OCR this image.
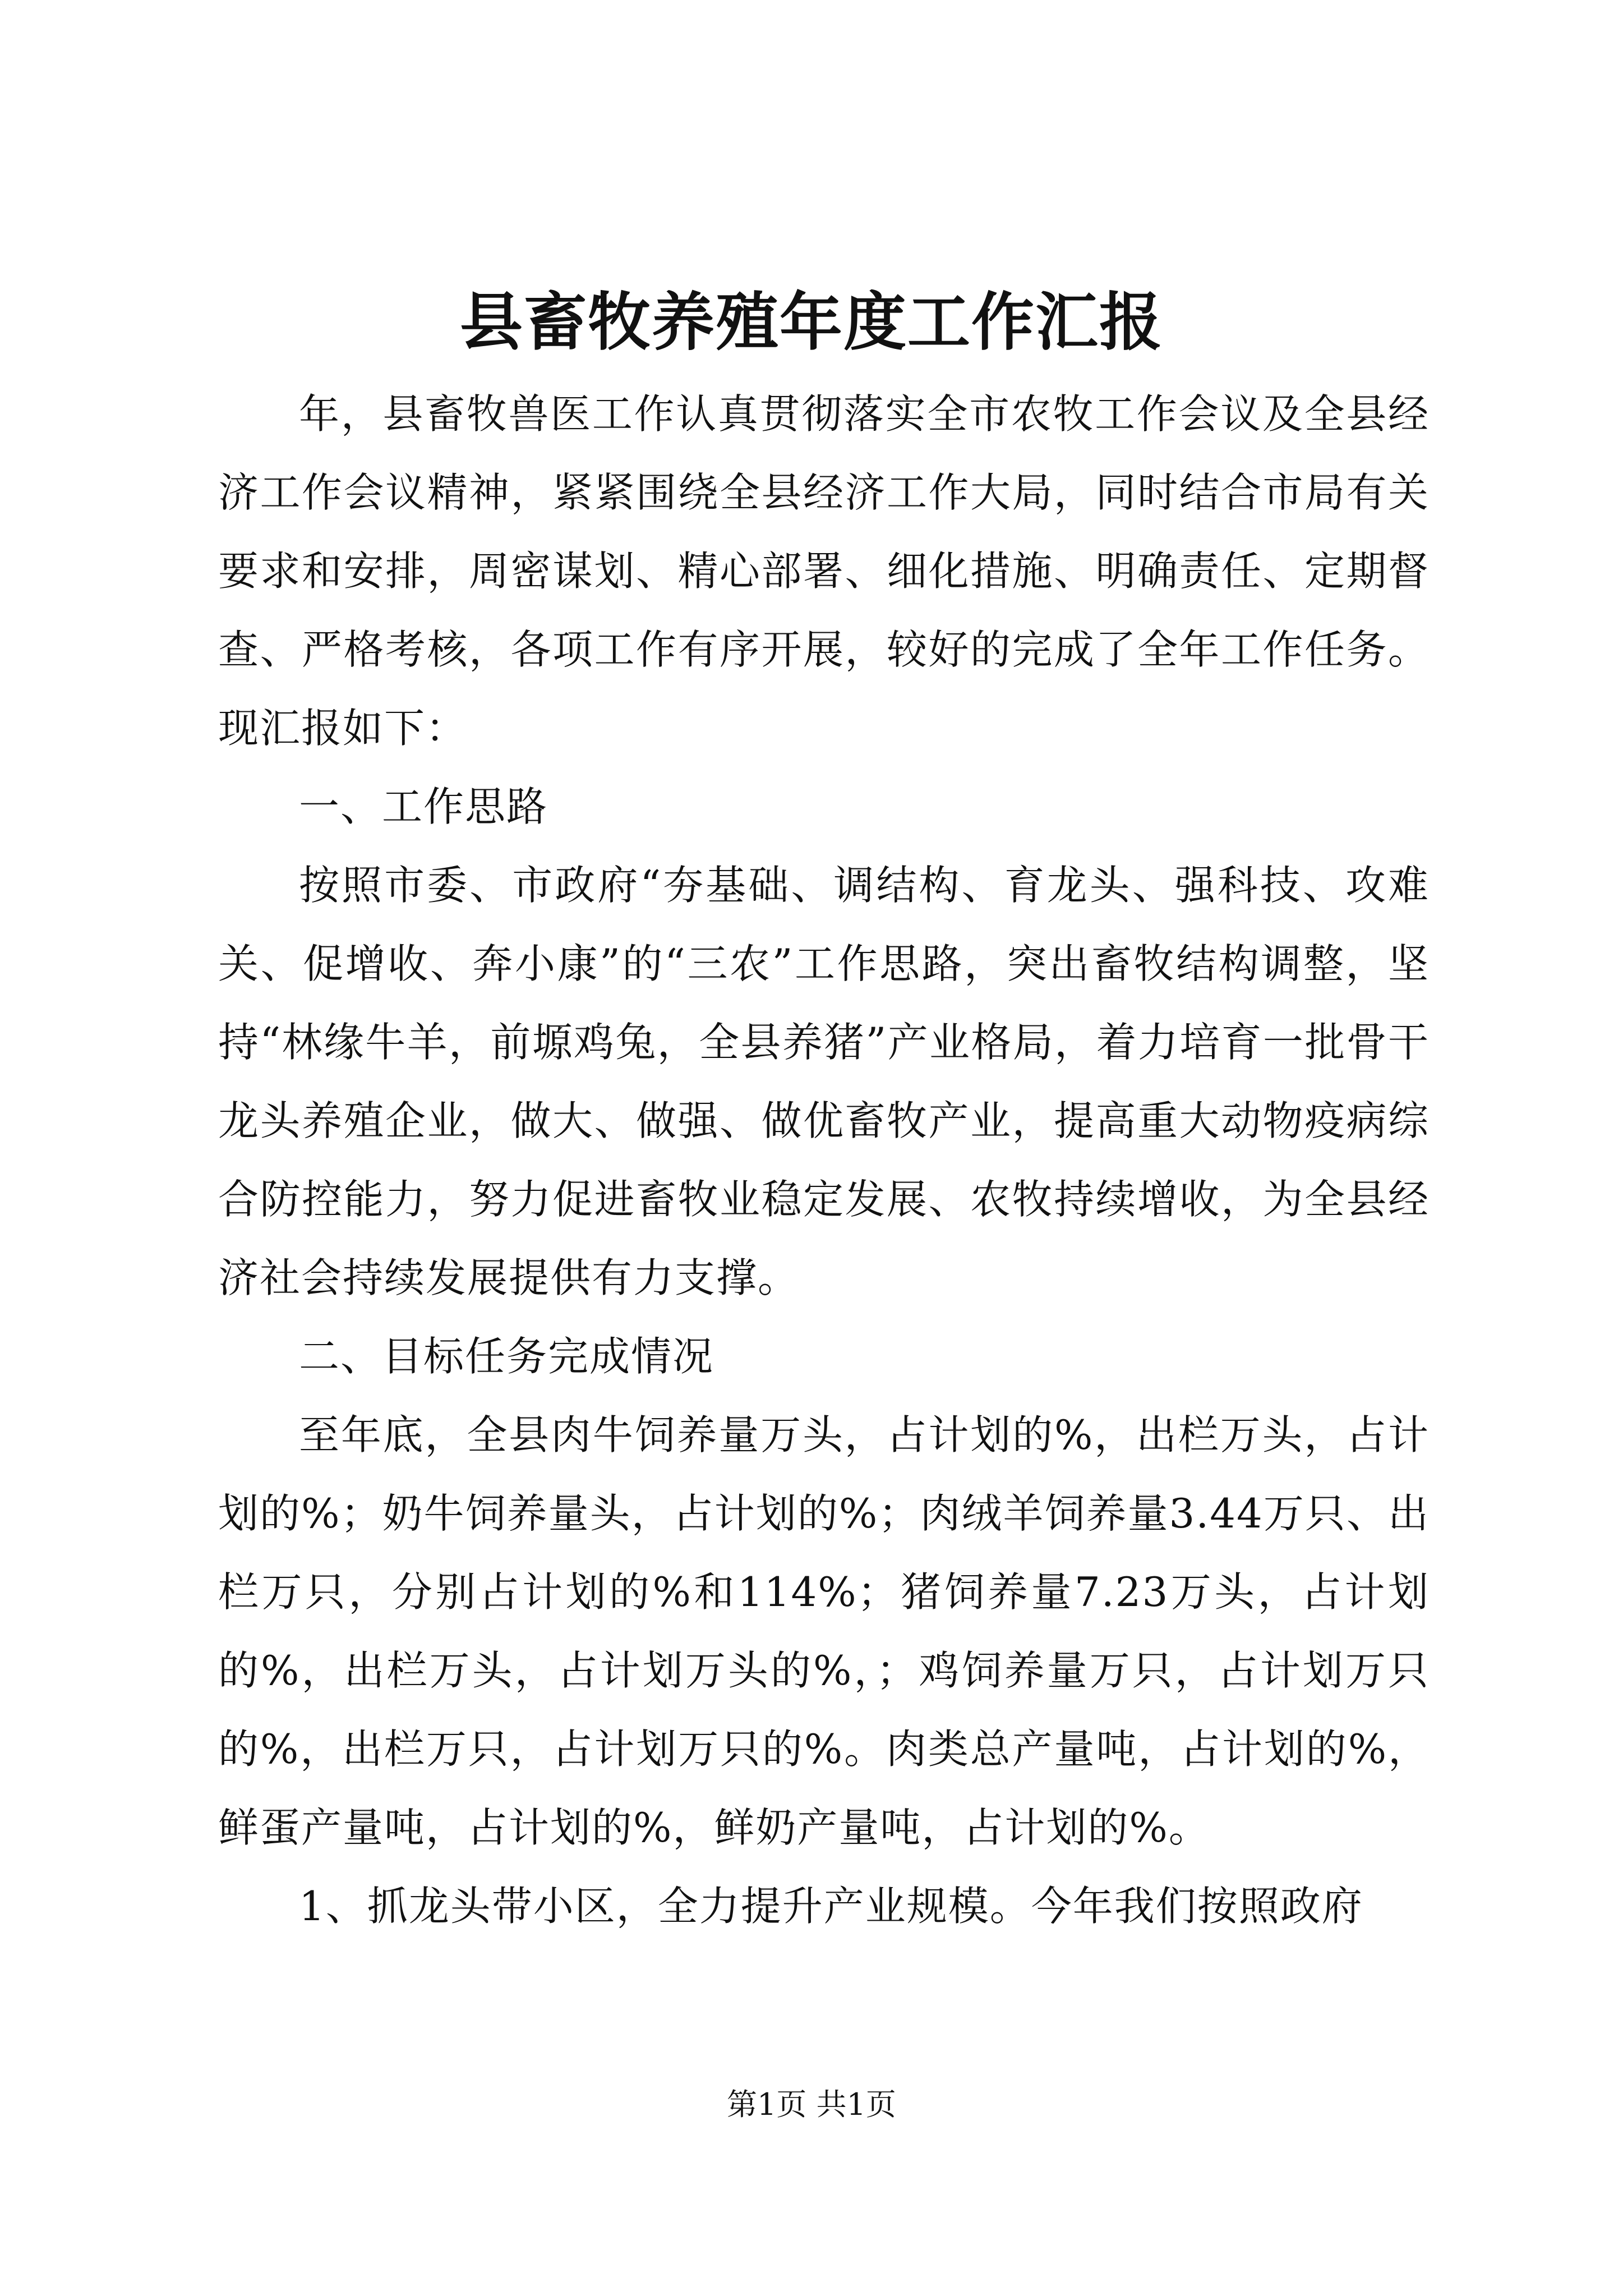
县畜牧养殖年度工作汇报

年，县畜牧兽医工作认真贯彻落实全市农牧工作会议及全县经济工作会议精神，紧紧围绕全县经济工作大局，同时结合市局有关要求和安排，周密谋划、精心部署、细化措施、明确责任、定期督查、严格考核，各项工作有序开展，较好的完成了全年工作任务。现汇报如下：

一、工作思路

按照市委、市政府“夯基础、调结构、育龙头、强科技、攻难关、促增收、奔小康”的“三农”工作思路，突出畜牧结构调整，坚持“林缘牛羊，前塬鸡兔，全县养猪”产业格局，着力培育一批骨干龙头养殖企业，做大、做强、做优畜牧产业，提高重大动物疫病综合防控能力，努力促进畜牧业稳定发展、农牧持续增收，为全县经济社会持续发展提供有力支撑。

二、目标任务完成情况

至年底，全县肉牛饲养量万头，占计划的%，出栏万头，占计划的%；奶牛饲养量头，占计划的%；肉绒羊饲养量3.44万只、出栏万只，分别占计划的%和114%；猪饲养量7.23万头，占计划的%，出栏万头，占计划万头的%，；鸡饲养量万只，占计划万只的%，出栏万只，占计划万只的%。肉类总产量吨，占计划的%，鲜蛋产量吨，占计划的%，鲜奶产量吨，占计划的%。

1、抓龙头带小区，全力提升产业规模。今年我们按照政府

第1页 共1页
